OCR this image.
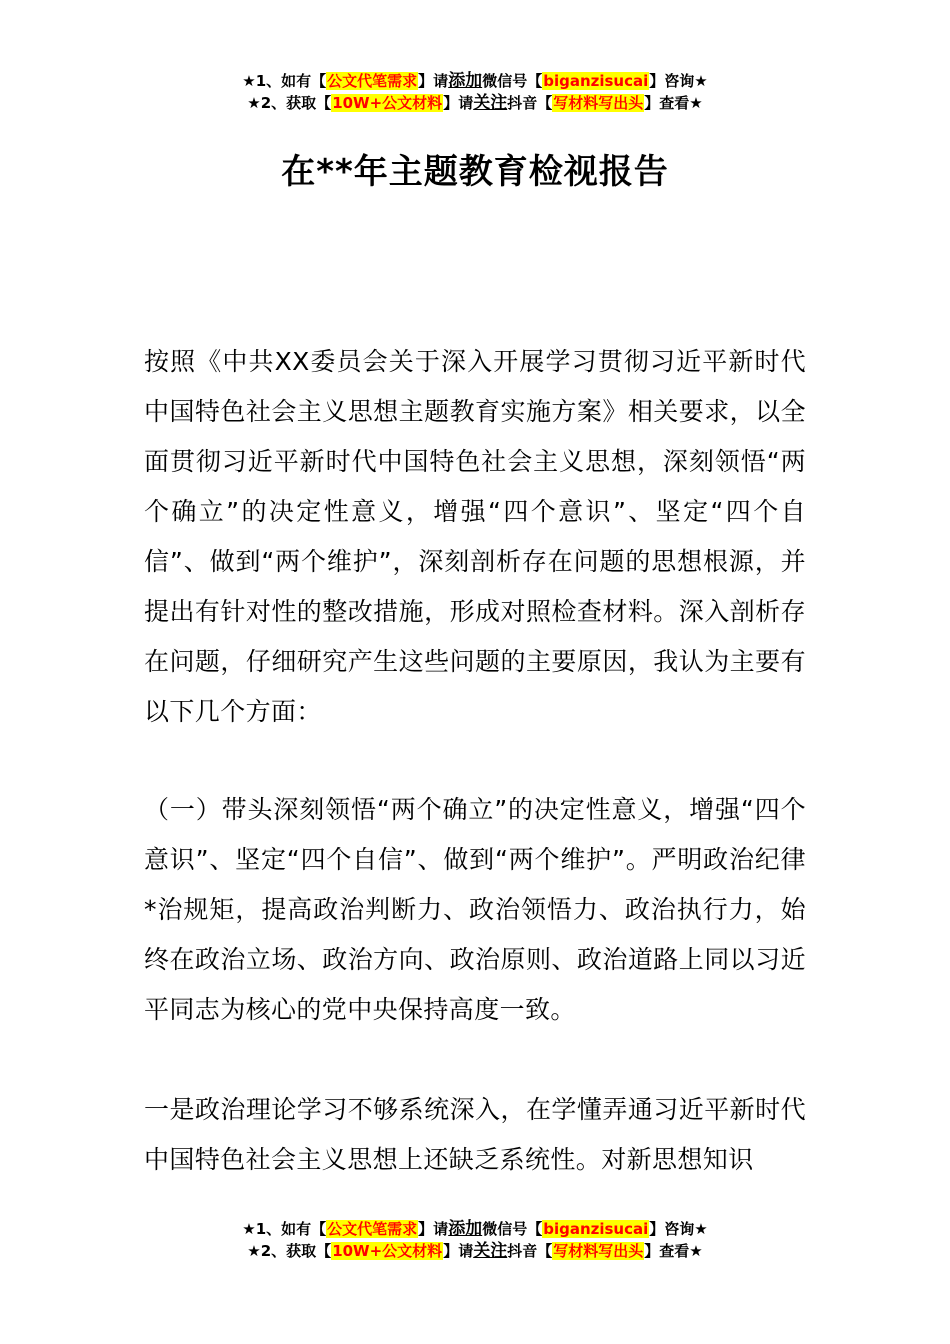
★1、如有【公文代笔需求】请添加微信号【biganzisucai】咨询★
★2、获取【10W+公文材料】请关注抖音【写材料写出头】查看★
在**年主题教育检视报告

按照《中共XX委员会关于深入开展学习贯彻习近平新时代中国特色社会主义思想主题教育实施方案》相关要求，以全面贯彻习近平新时代中国特色社会主义思想，深刻领悟“两个确立”的决定性意义，增强“四个意识”、坚定“四个自信”、做到“两个维护”，深刻剖析存在问题的思想根源，并提出有针对性的整改措施，形成对照检查材料。深入剖析存在问题，仔细研究产生这些问题的主要原因，我认为主要有以下几个方面：

（一）带头深刻领悟“两个确立”的决定性意义，增强“四个意识”、坚定“四个自信”、做到“两个维护”。严明政治纪律*治规矩，提高政治判断力、政治领悟力、政治执行力，始终在政治立场、政治方向、政治原则、政治道路上同以习近平同志为核心的党中央保持高度一致。

一是政治理论学习不够系统深入，在学懂弄通习近平新时代中国特色社会主义思想上还缺乏系统性。对新思想知识

★1、如有【公文代笔需求】请添加微信号【biganzisucai】咨询★
★2、获取【10W+公文材料】请关注抖音【写材料写出头】查看★
